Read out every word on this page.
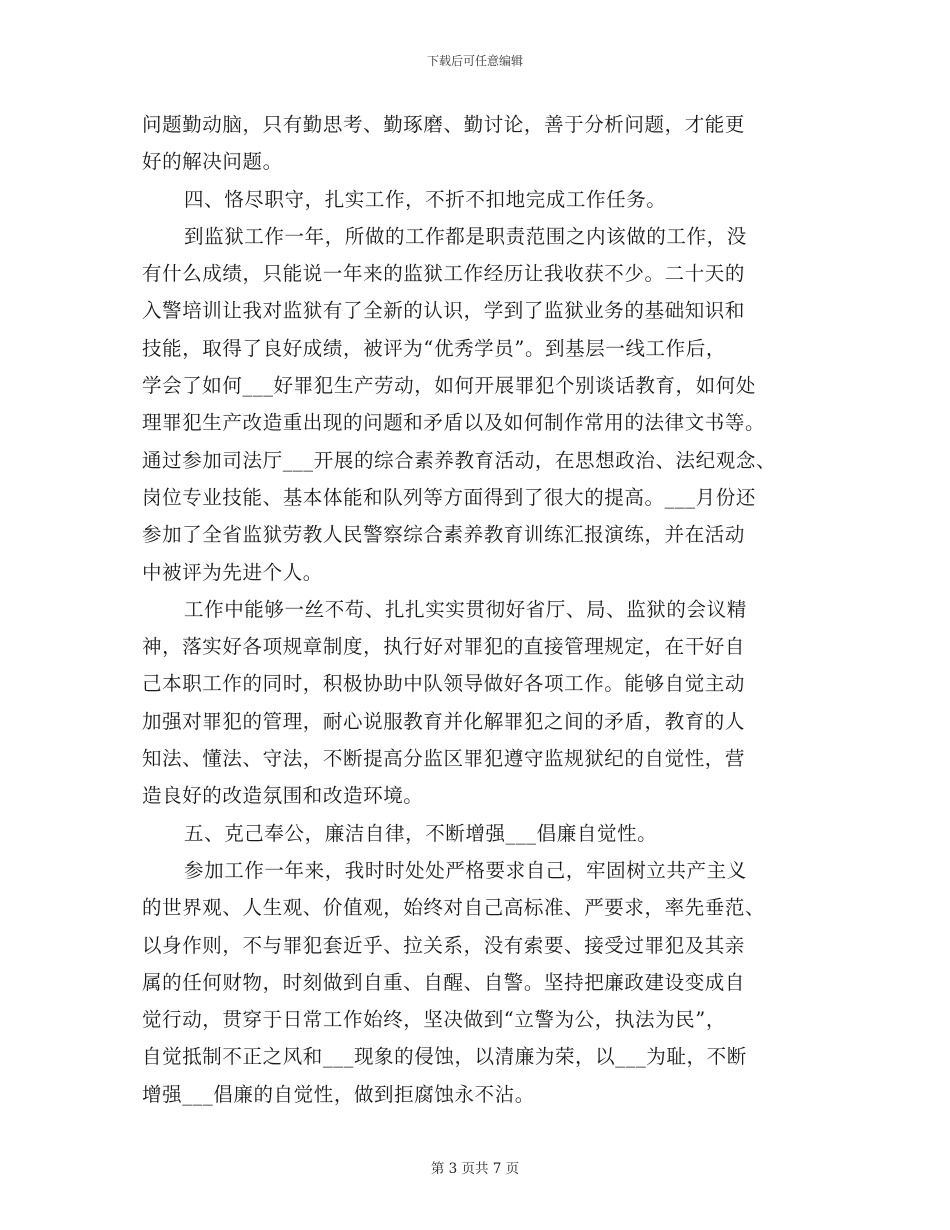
下载后可任意编辑
问题勤动脑，只有勤思考、勤琢磨、勤讨论，善于分析问题，才能更
好的解决问题。
四、恪尽职守，扎实工作，不折不扣地完成工作任务。
到监狱工作一年，所做的工作都是职责范围之内该做的工作，没
有什么成绩，只能说一年来的监狱工作经历让我收获不少。二十天的
入警培训让我对监狱有了全新的认识，学到了监狱业务的基础知识和
技能，取得了良好成绩，被评为“优秀学员”。到基层一线工作后，
学会了如何___好罪犯生产劳动，如何开展罪犯个别谈话教育，如何处
理罪犯生产改造重出现的问题和矛盾以及如何制作常用的法律文书等。
通过参加司法厅___开展的综合素养教育活动，在思想政治、法纪观念、
岗位专业技能、基本体能和队列等方面得到了很大的提高。___月份还
参加了全省监狱劳教人民警察综合素养教育训练汇报演练，并在活动
中被评为先进个人。
工作中能够一丝不苟、扎扎实实贯彻好省厅、局、监狱的会议精
神，落实好各项规章制度，执行好对罪犯的直接管理规定，在干好自
己本职工作的同时，积极协助中队领导做好各项工作。能够自觉主动
加强对罪犯的管理，耐心说服教育并化解罪犯之间的矛盾，教育的人
知法、懂法、守法，不断提高分监区罪犯遵守监规狱纪的自觉性，营
造良好的改造氛围和改造环境。
五、克己奉公，廉洁自律，不断增强___倡廉自觉性。
参加工作一年来，我时时处处严格要求自己，牢固树立共产主义
的世界观、人生观、价值观，始终对自己高标准、严要求，率先垂范、
以身作则，不与罪犯套近乎、拉关系，没有索要、接受过罪犯及其亲
属的任何财物，时刻做到自重、自醒、自警。坚持把廉政建设变成自
觉行动，贯穿于日常工作始终，坚决做到“立警为公，执法为民”，
自觉抵制不正之风和___现象的侵蚀，以清廉为荣，以___为耻，不断
增强___倡廉的自觉性，做到拒腐蚀永不沾。
第 3 页共 7 页
